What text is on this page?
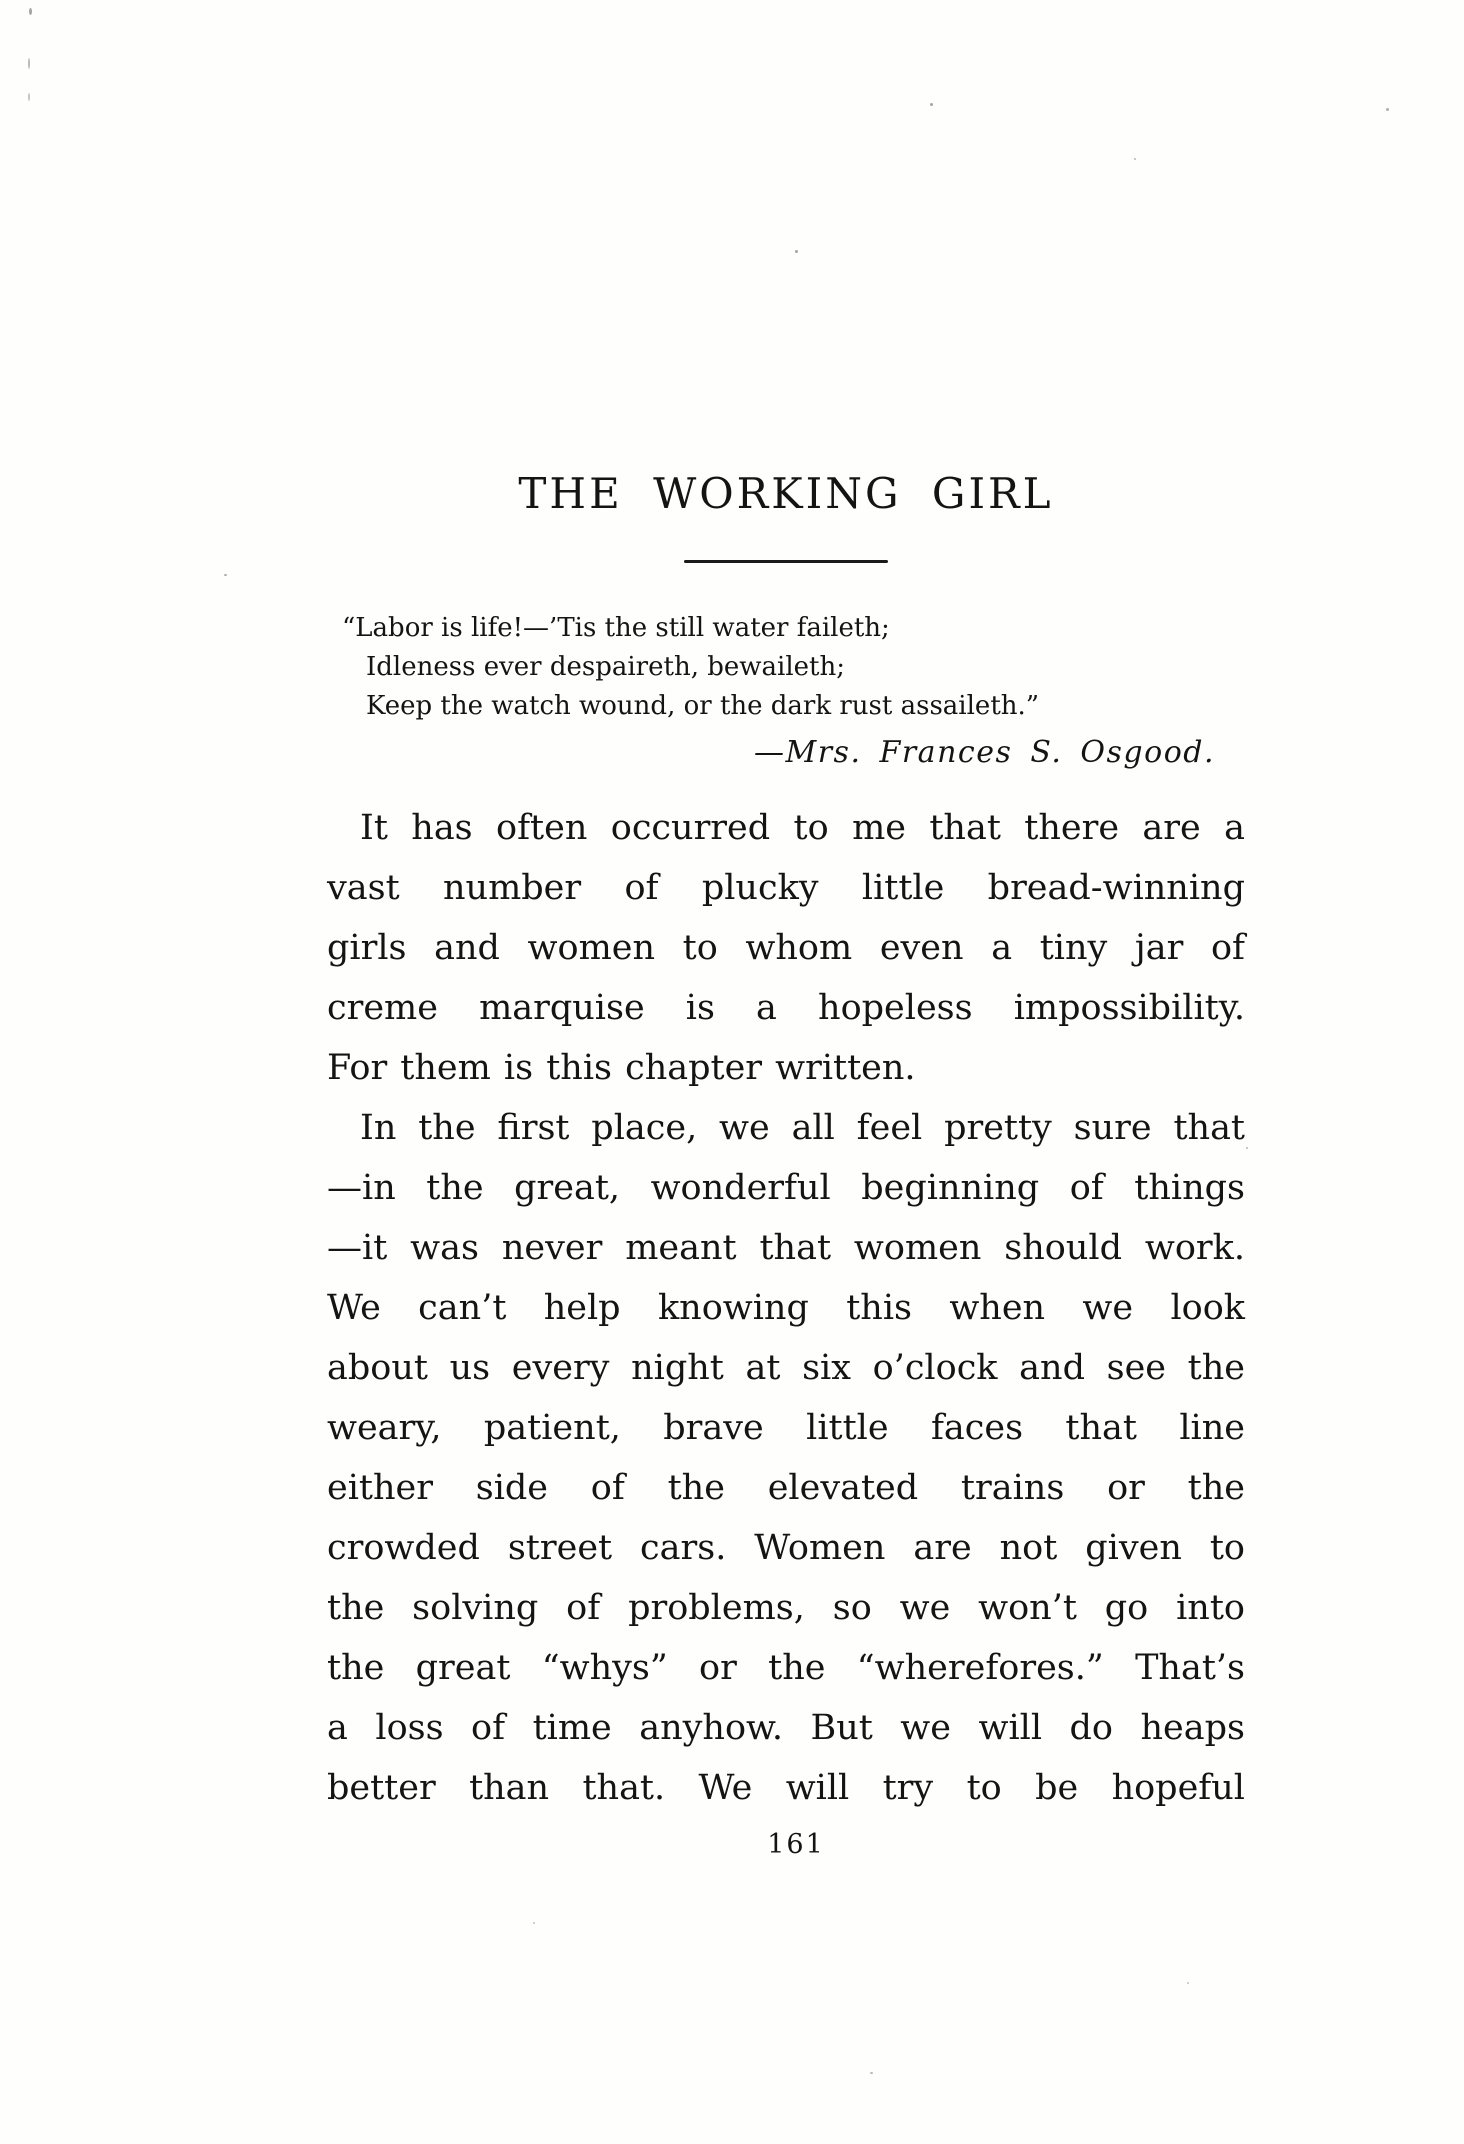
THE WORKING GIRL
“Labor is life!—’Tis the still water faileth;
Idleness ever despaireth, bewaileth;
Keep the watch wound, or the dark rust assaileth.”
—Mrs. Frances S. Osgood.
It has often occurred to me that there are a
vast number of plucky little bread-winning
girls and women to whom even a tiny jar of
creme marquise is a hopeless impossibility.
For them is this chapter written.
In the first place, we all feel pretty sure that
—in the great, wonderful beginning of things
—it was never meant that women should work.
We can’t help knowing this when we look
about us every night at six o’clock and see the
weary, patient, brave little faces that line
either side of the elevated trains or the
crowded street cars. Women are not given to
the solving of problems, so we won’t go into
the great “whys” or the “wherefores.” That’s
a loss of time anyhow. But we will do heaps
better than that. We will try to be hopeful
161
